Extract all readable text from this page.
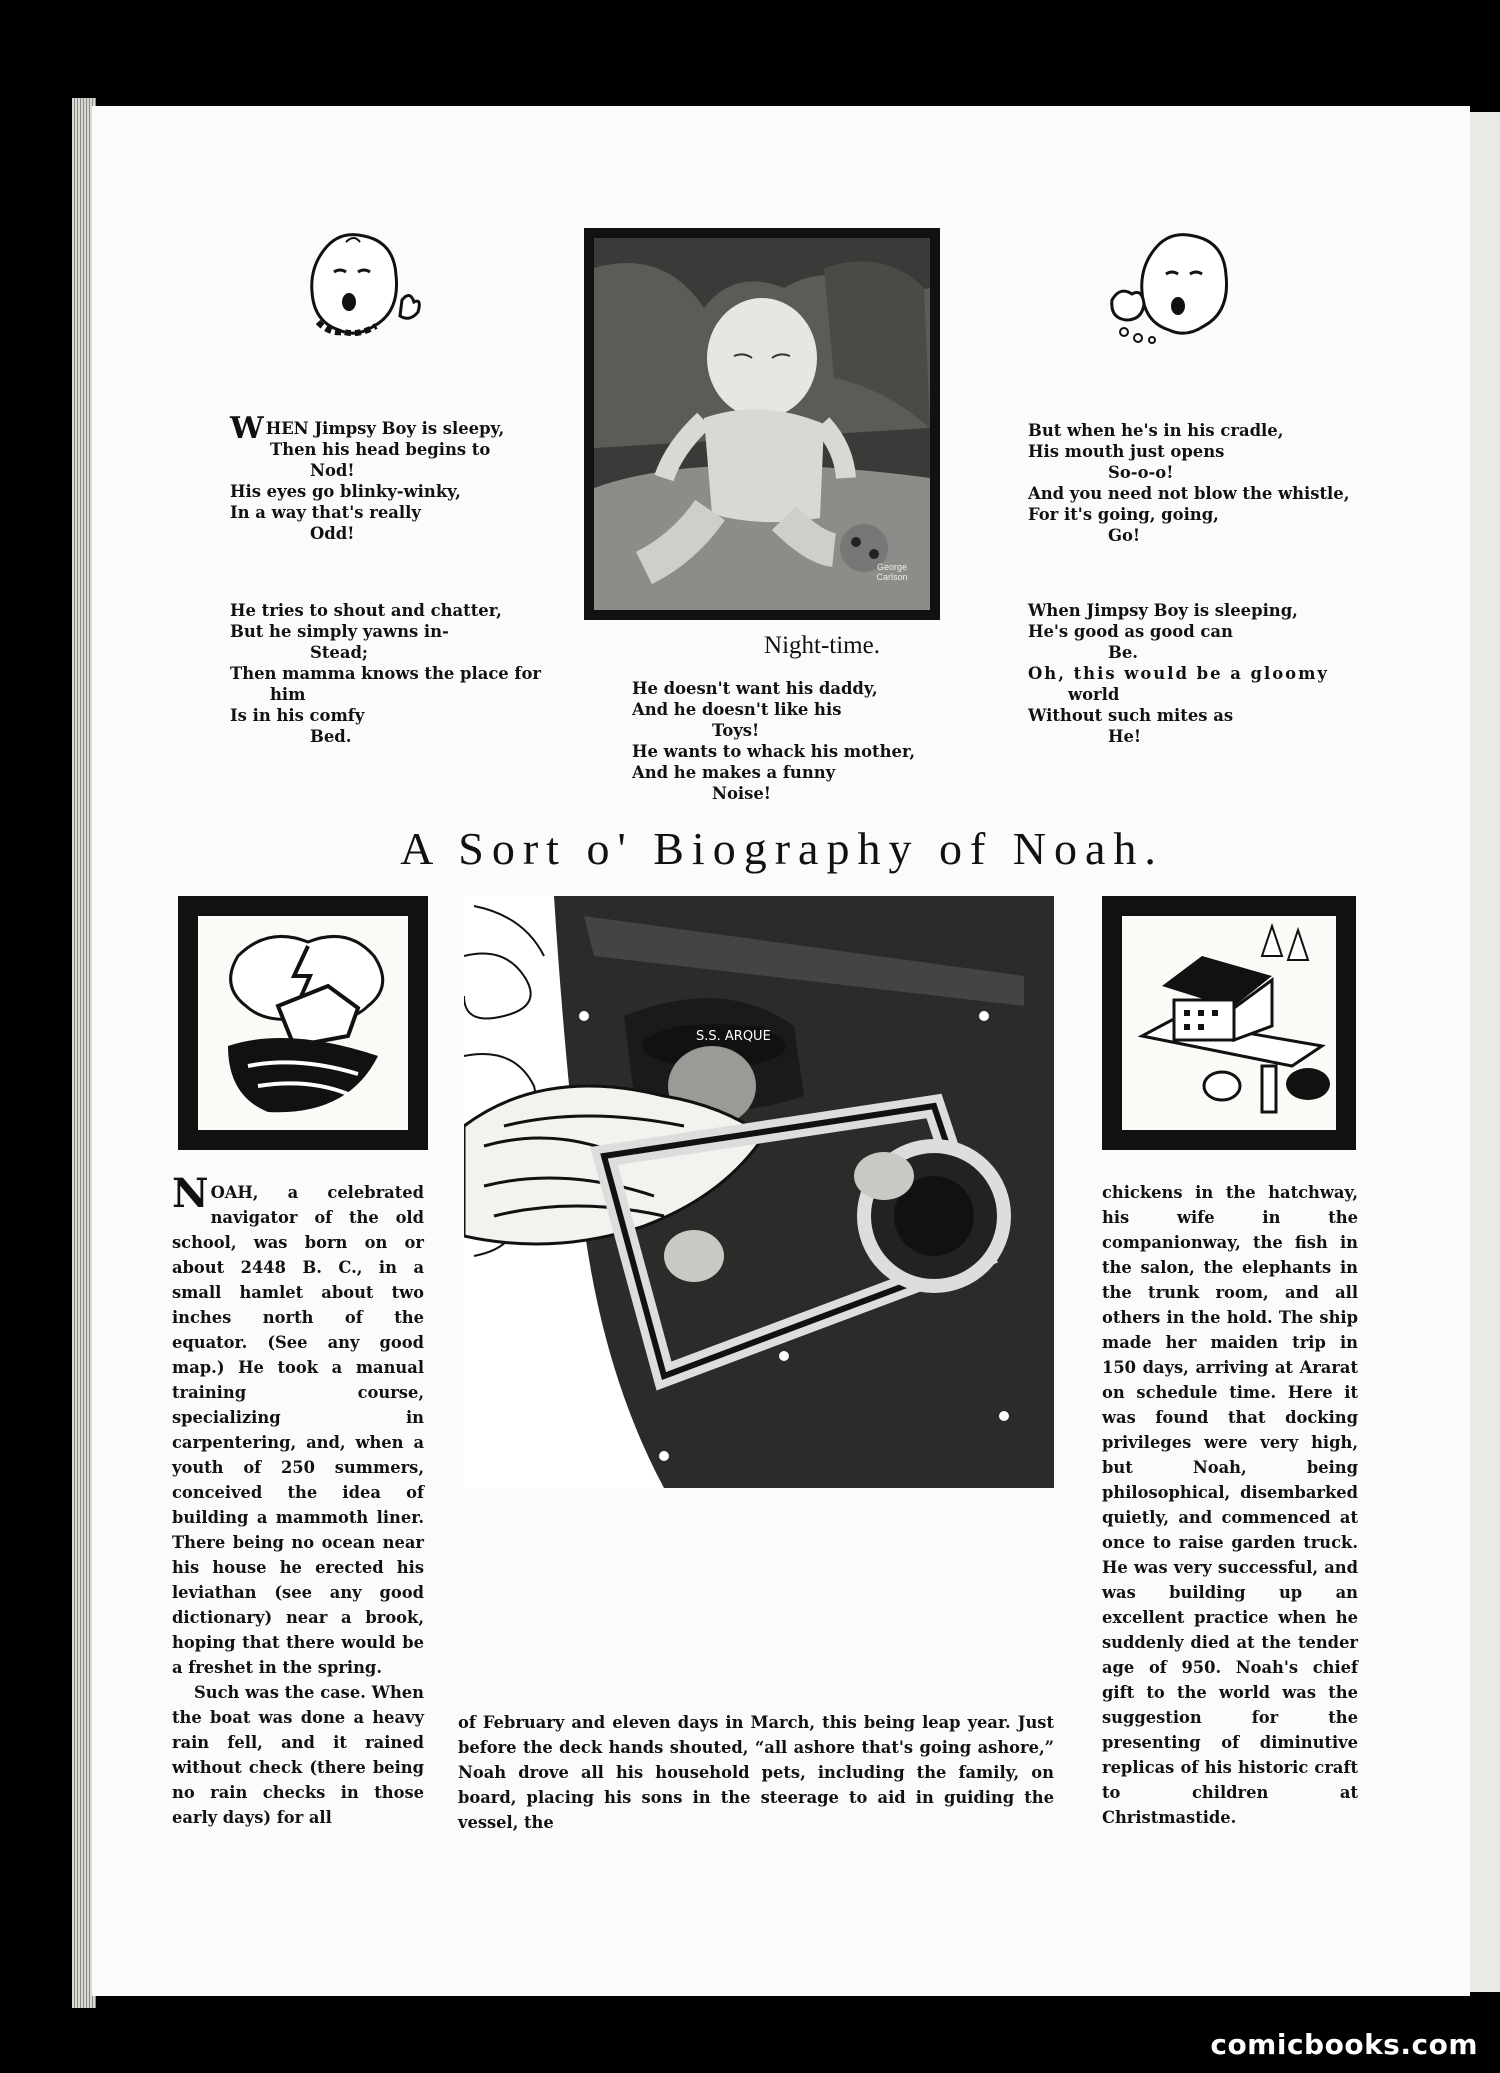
George Carlson
Night-time.
WHEN Jimpsy Boy is sleepy,
Then his head begins to
Nod!
His eyes go blinky-winky,
In a way that's really
Odd!
He tries to shout and chatter,
But he simply yawns in-
Stead;
Then mamma knows the place for
him
Is in his comfy
Bed.
He doesn't want his daddy,
And he doesn't like his
Toys!
He wants to whack his mother,
And he makes a funny
Noise!
But when he's in his cradle,
His mouth just opens
So-o-o!
And you need not blow the whistle,
For it's going, going,
Go!
When Jimpsy Boy is sleeping,
He's good as good can
Be.
Oh, this would be a gloomy
world
Without such mites as
He!
A Sort o' Biography of Noah.
S.S. ARQUE

NOAH, a celebrated navigator of the old school, was born on or about 2448 B. C., in a small hamlet about two inches north of the equator. (See any good map.) He took a manual training course, specializing in carpentering, and, when a youth of 250 summers, conceived the idea of building a mammoth liner. There being no ocean near his house he erected his leviathan (see any good dictionary) near a brook, hoping that there would be a freshet in the spring.

Such was the case. When the boat was done a heavy rain fell, and it rained without check (there being no rain checks in those early days) for all

of February and eleven days in March, this being leap year. Just before the deck hands shouted, “all ashore that's going ashore,” Noah drove all his household pets, including the family, on board, placing his sons in the steerage to aid in guiding the vessel, the

chickens in the hatchway, his wife in the companionway, the fish in the salon, the elephants in the trunk room, and all others in the hold. The ship made her maiden trip in 150 days, arriving at Ararat on schedule time. Here it was found that docking privileges were very high, but Noah, being philosophical, disembarked quietly, and commenced at once to raise garden truck. He was very successful, and was building up an excellent practice when he suddenly died at the tender age of 950. Noah's chief gift to the world was the suggestion for the presenting of diminutive replicas of his historic craft to children at Christmastide.

comicbooks.com
